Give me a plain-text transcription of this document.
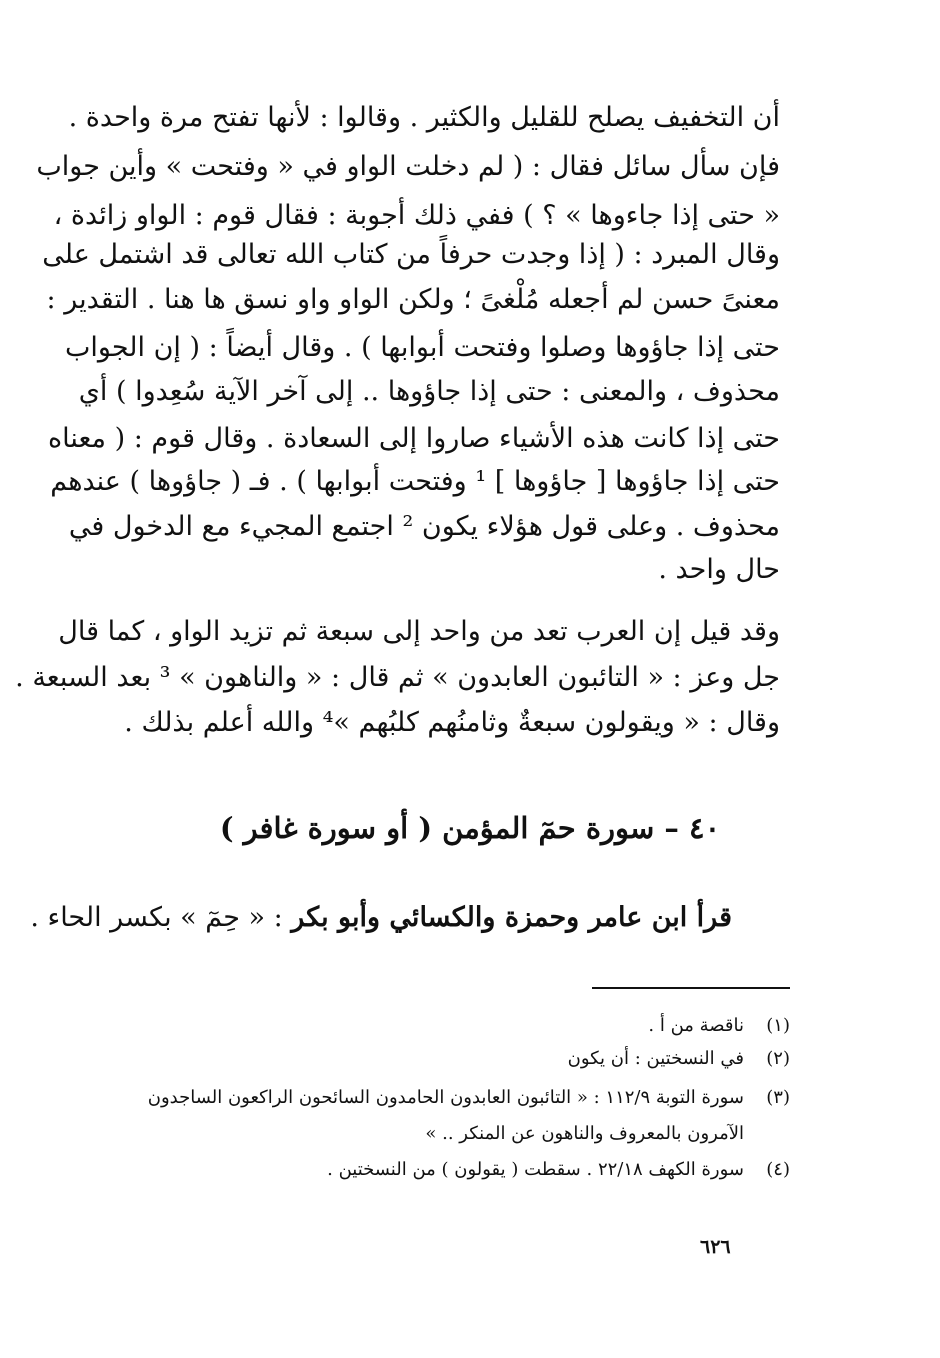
أن التخفيف يصلح للقليل والكثير . وقالوا : لأنها تفتح مرة واحدة .
فإن سأل سائل فقال : ( لم دخلت الواو في « وفتحت » وأين جواب
« حتى إذا جاءوها » ؟ ) ففي ذلك أجوبة : فقال قوم : الواو زائدة ،
وقال المبرد : ( إذا وجدت حرفاً من كتاب الله تعالى قد اشتمل على
معنىً حسن لم أجعله مُلْغىً ؛ ولكن الواو واو نسق ها هنا . التقدير :
حتى إذا جاؤوها وصلوا وفتحت أبوابها ) . وقال أيضاً : ( إن الجواب
محذوف ، والمعنى : حتى إذا جاؤوها .. إلى آخر الآية سُعِدوا ) أي
حتى إذا كانت هذه الأشياء صاروا إلى السعادة . وقال قوم : ( معناه
حتى إذا جاؤوها [ جاؤوها ] ¹ وفتحت أبوابها ) . فـ ( جاؤوها ) عندهم
محذوف . وعلى قول هؤلاء يكون ² اجتمع المجيء مع الدخول في
حال واحد .
وقد قيل إن العرب تعد من واحد إلى سبعة ثم تزيد الواو ، كما قال
جل وعز : « التائبون العابدون » ثم قال : « والناهون » ³ بعد السبعة .
وقال : « ويقولون سبعةٌ وثامنُهم كلبُهم »⁴ والله أعلم بذلك .
٤٠ – سورة حمٓ المؤمن ( أو سورة غافر )
قرأ ابن عامر وحمزة والكسائي وأبو بكر : « حِمٓ » بكسر الحاء .
(١)ناقصة من أ .
(٢)في النسختين : أن يكون
(٣)سورة التوبة ١١٢/٩ : « التائبون العابدون الحامدون السائحون الراكعون الساجدون
الآمرون بالمعروف والناهون عن المنكر .. »
(٤)سورة الكهف ٢٢/١٨ . سقطت ( يقولون ) من النسختين .
٦٢٦
